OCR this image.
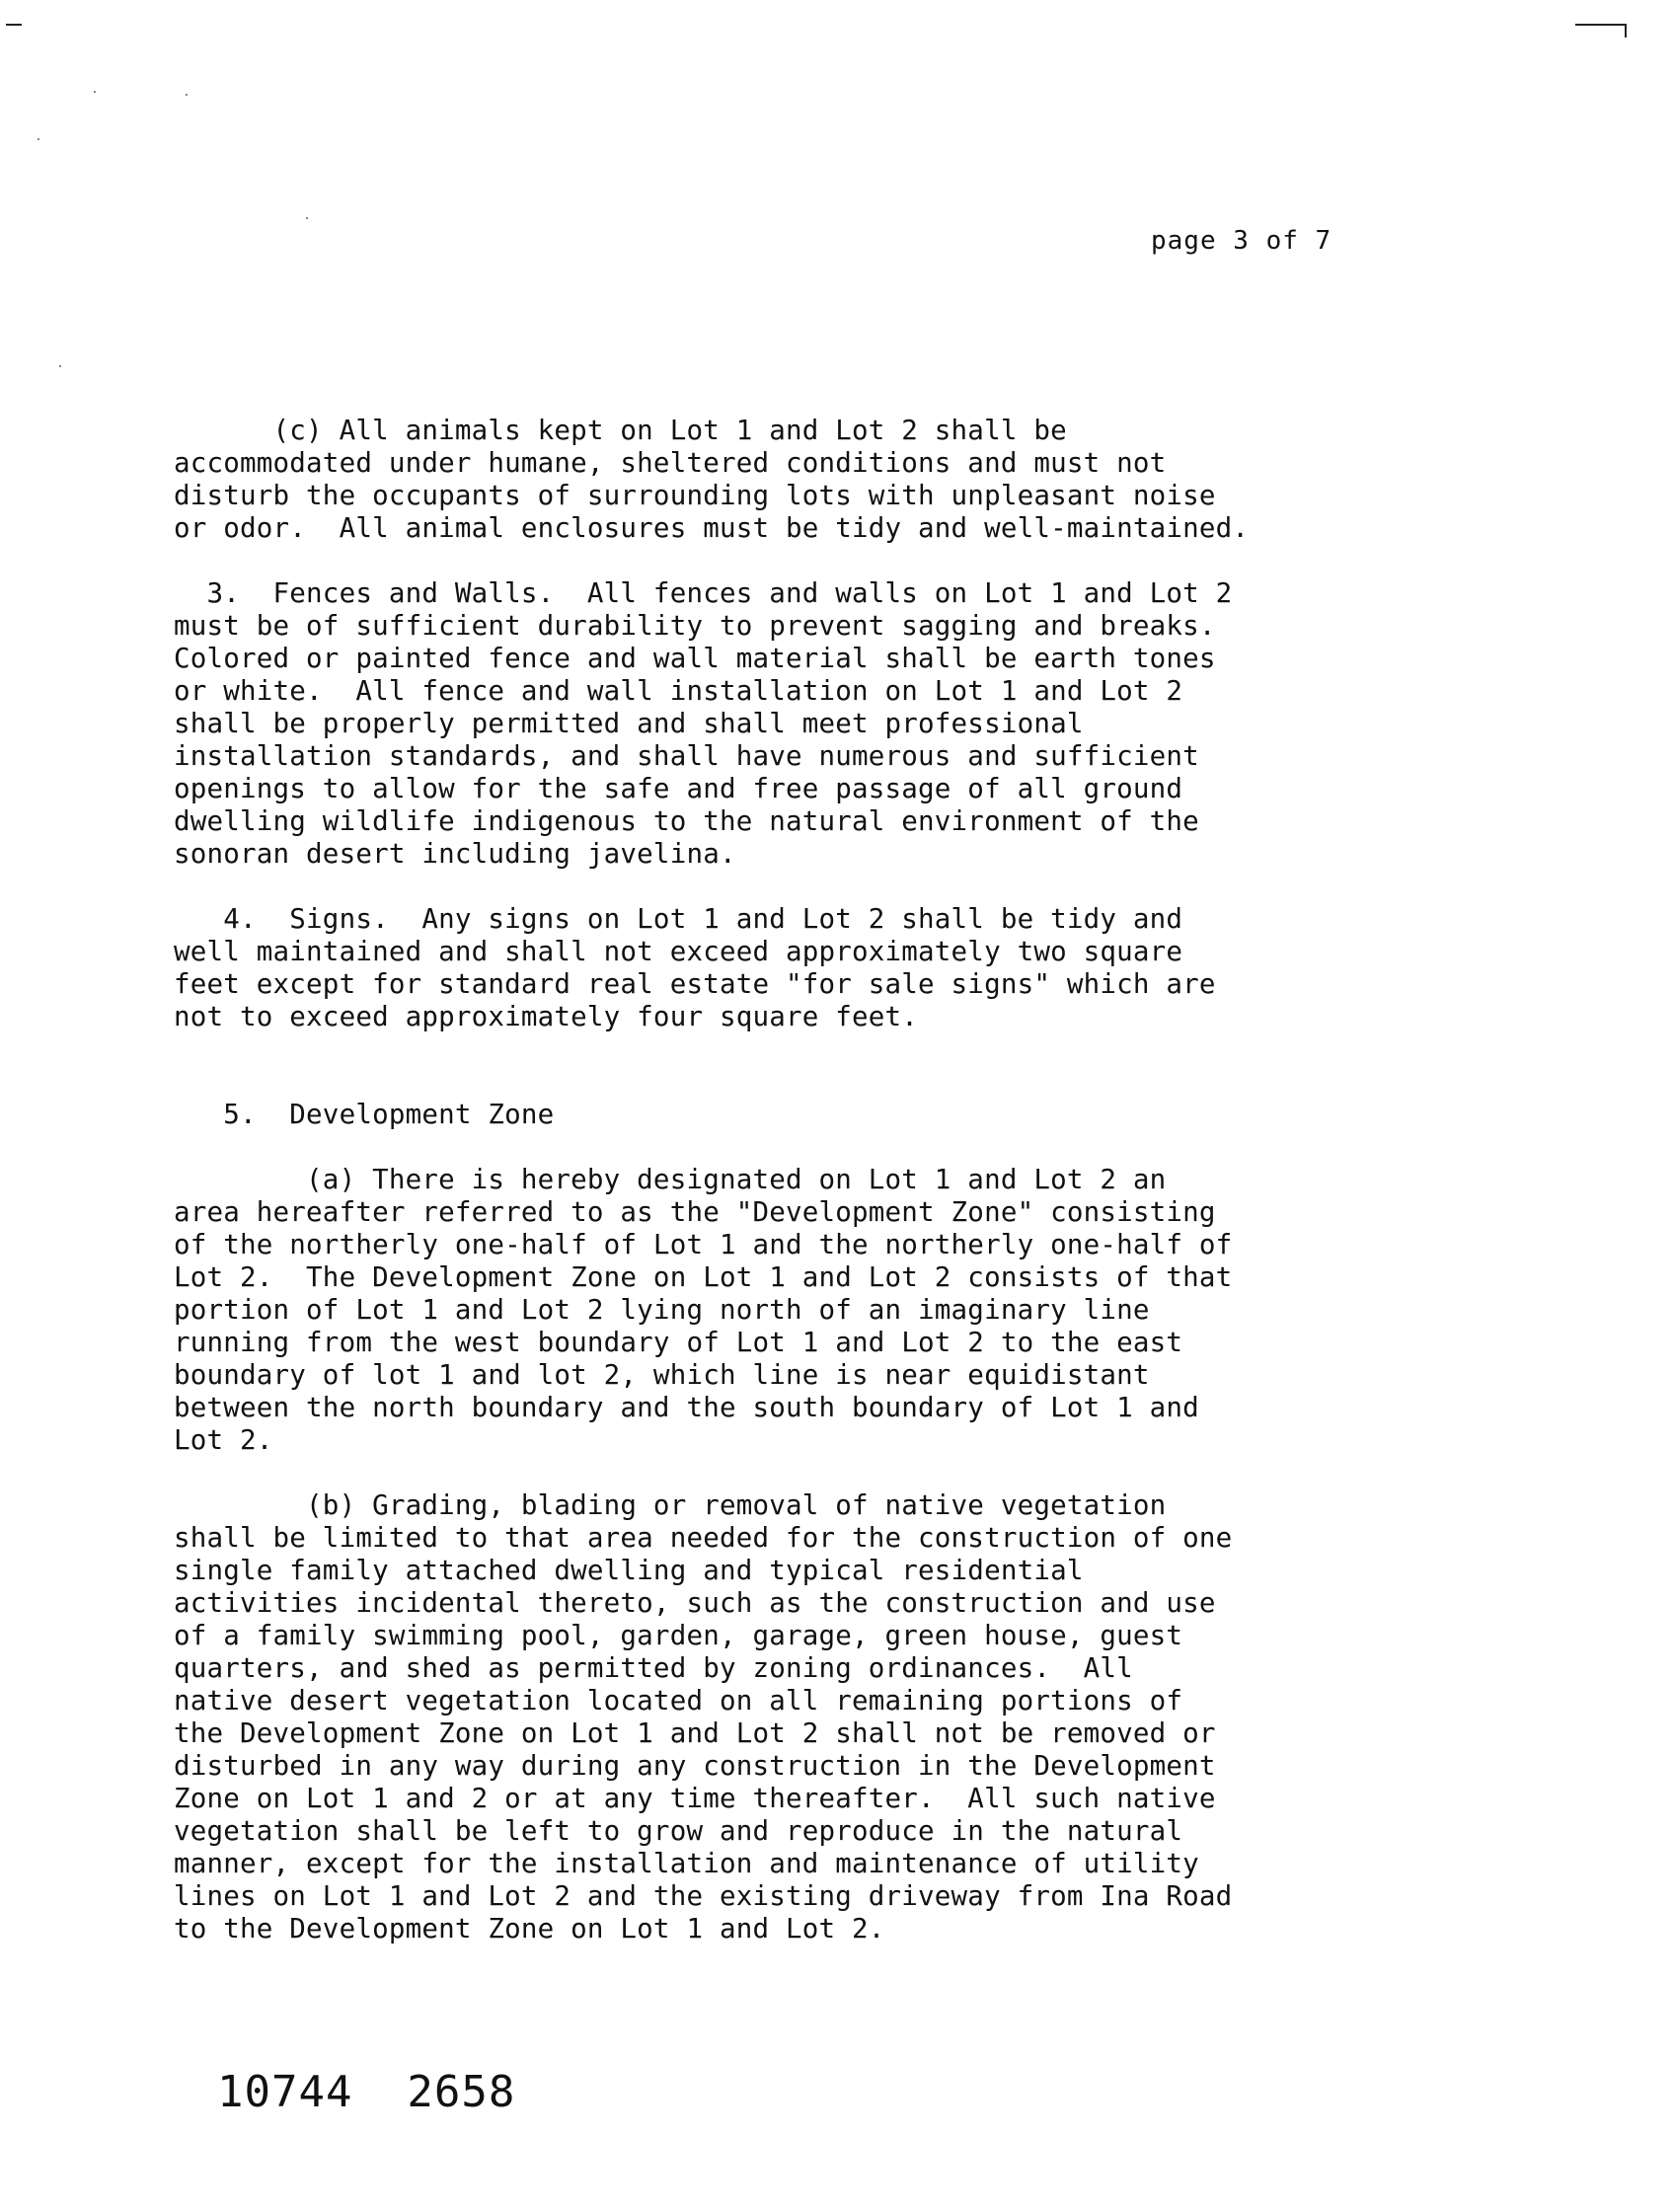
page 3 of 7
(c) All animals kept on Lot 1 and Lot 2 shall be
accommodated under humane, sheltered conditions and must not
disturb the occupants of surrounding lots with unpleasant noise
or odor.  All animal enclosures must be tidy and well-maintained.
3.  Fences and Walls.  All fences and walls on Lot 1 and Lot 2
must be of sufficient durability to prevent sagging and breaks.
Colored or painted fence and wall material shall be earth tones
or white.  All fence and wall installation on Lot 1 and Lot 2
shall be properly permitted and shall meet professional
installation standards, and shall have numerous and sufficient
openings to allow for the safe and free passage of all ground
dwelling wildlife indigenous to the natural environment of the
sonoran desert including javelina.
4.  Signs.  Any signs on Lot 1 and Lot 2 shall be tidy and
well maintained and shall not exceed approximately two square
feet except for standard real estate "for sale signs" which are
not to exceed approximately four square feet.
5.  Development Zone
(a) There is hereby designated on Lot 1 and Lot 2 an
area hereafter referred to as the "Development Zone" consisting
of the northerly one-half of Lot 1 and the northerly one-half of
Lot 2.  The Development Zone on Lot 1 and Lot 2 consists of that
portion of Lot 1 and Lot 2 lying north of an imaginary line
running from the west boundary of Lot 1 and Lot 2 to the east
boundary of lot 1 and lot 2, which line is near equidistant
between the north boundary and the south boundary of Lot 1 and
Lot 2.
(b) Grading, blading or removal of native vegetation
shall be limited to that area needed for the construction of one
single family attached dwelling and typical residential
activities incidental thereto, such as the construction and use
of a family swimming pool, garden, garage, green house, guest
quarters, and shed as permitted by zoning ordinances.  All
native desert vegetation located on all remaining portions of
the Development Zone on Lot 1 and Lot 2 shall not be removed or
disturbed in any way during any construction in the Development
Zone on Lot 1 and 2 or at any time thereafter.  All such native
vegetation shall be left to grow and reproduce in the natural
manner, except for the installation and maintenance of utility
lines on Lot 1 and Lot 2 and the existing driveway from Ina Road
to the Development Zone on Lot 1 and Lot 2.
10744  2658
